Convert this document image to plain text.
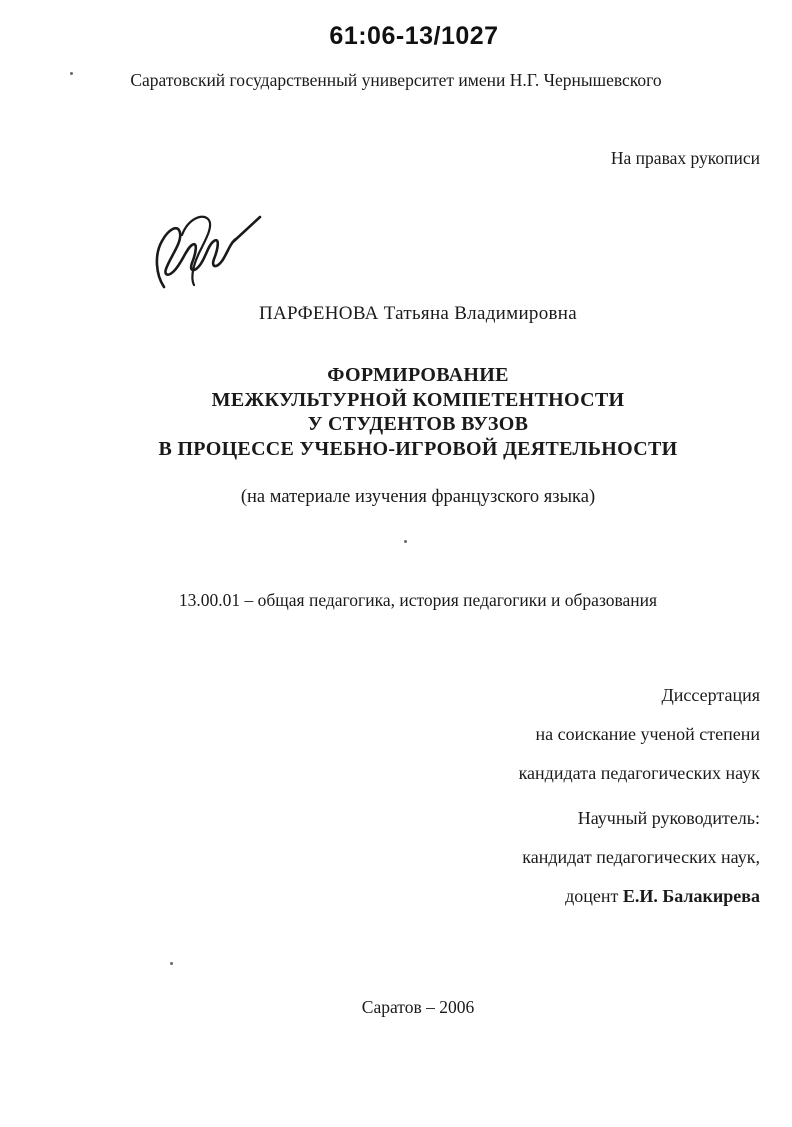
61:06-13/1027
Саратовский государственный университет имени Н.Г. Чернышевского
На правах рукописи
ПАРФЕНОВА Татьяна Владимировна
ФОРМИРОВАНИЕ
МЕЖКУЛЬТУРНОЙ КОМПЕТЕНТНОСТИ
У СТУДЕНТОВ ВУЗОВ
В ПРОЦЕССЕ УЧЕБНО-ИГРОВОЙ ДЕЯТЕЛЬНОСТИ
(на материале изучения французского языка)
13.00.01 – общая педагогика, история педагогики и образования
Диссертация
на соискание ученой степени
кандидата педагогических наук
Научный руководитель:
кандидат педагогических наук,
доцент Е.И. Балакирева
Саратов – 2006
